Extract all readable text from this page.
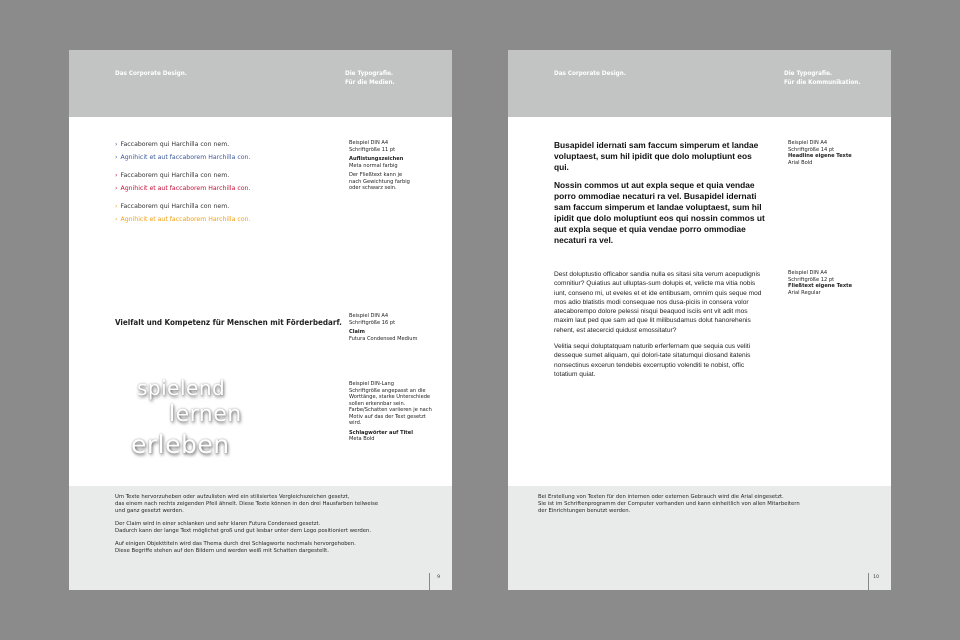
Das Corporate Design.	Die Typografie.
Für die Medien.
› Faccaborem qui Harchilla con nem.
› Agnihicit et aut faccaborem Harchilla con.
› Faccaborem qui Harchilla con nem.
› Agnihicit et aut faccaborem Harchilla con.
› Faccaborem qui Harchilla con nem.
› Agnihicit et aut faccaborem Harchilla con.
Beispiel DIN A4
Schriftgröße 11 pt
Auflistungszeichen
Meta normal farbig
Der Fließtext kann je
nach Gewichtung farbig
oder schwarz sein.
Vielfalt und Kompetenz für Menschen mit Förderbedarf.
Beispiel DIN A4
Schriftgröße 16 pt
Claim
Futura Condensed Medium
spielend
lernen
erleben
Beispiel DIN-Lang
Schriftgröße angepasst an die
Worttänge, starke Unterschiede
sollen erkennbar sein.
Farbe/Schatten variieren je nach
Motiv auf das der Text gesetzt
wird.
Schlagwörter auf Titel
Meta Bold

Um Texte hervorzuheben oder aufzulisten wird ein stilisiertes Vergleichszeichen gesetzt,
das einem nach rechts zeigenden Pfeil ähnelt. Diese Texte können in den drei Hausfarben teilweise
und ganz gesetzt werden.

Der Claim wird in einer schlanken und sehr klaren Futura Condensed gesetzt.
Dadurch kann der lange Text möglichst groß und gut lesbar unter dem Logo positioniert werden.

Auf einigen Objekttiteln wird das Thema durch drei Schlagworte nochmals hervorgehoben.
Diese Begriffe stehen auf den Bildern und werden weiß mit Schatten dargestellt.

9
Das Corporate Design.	Die Typografie.
Für die Kommunikation.

Busapidel idernati sam faccum simperum et landae voluptaest, sum hil ipidit que dolo moluptiunt eos qui.

Nossin commos ut aut expla seque et quia vendae porro ommodiae necaturi ra vel. Busapidel idernati sam faccum simperum et landae voluptaest, sum hil ipidit que dolo moluptiunt eos qui nossin commos ut aut expla seque et quia vendae porro ommodiae necaturi ra vel.

Beispiel DIN A4
Schriftgröße 14 pt
Headline eigene Texte
Arial Bold

Dest doluptustio officabor sandia nulla es sitasi sita verum acepudignis comnitiur? Quiatius aut ulluptas-sum dolupis et, velicte ma vitia nobis iunt, conseno mi, ut eveles et et ide entibusam, omnim quis seque mod mos adio blatistis modi consequae nos dusa-piciis in consera volor atecaborempo dolore pelessi nisqui beaquod isciis ent vit adit mos maxim laut ped que sam ad que lit milibusdamus dolut hanorehenis rehent, est atecercid quidust emossitatur?

Velitia sequi doluptatquam naturib erferfernam que sequia cus veliti desseque sumet aliquam, qui dolori-tate sitatumqui diosand itatenis nonsectinus excerun tendebis excerruptio volenditi te nobist, offic totatium quiat.

Beispiel DIN A4
Schriftgröße 12 pt
Fließtext eigene Texte
Arial Regular

Bei Erstellung von Texten für den internen oder externen Gebrauch wird die Arial eingesetzt.

Sie ist im Schriftenprogramm der Computer vorhanden und kann einheitlich von allen Mitarbeitern

der Einrichtungen benutzt werden.

10
